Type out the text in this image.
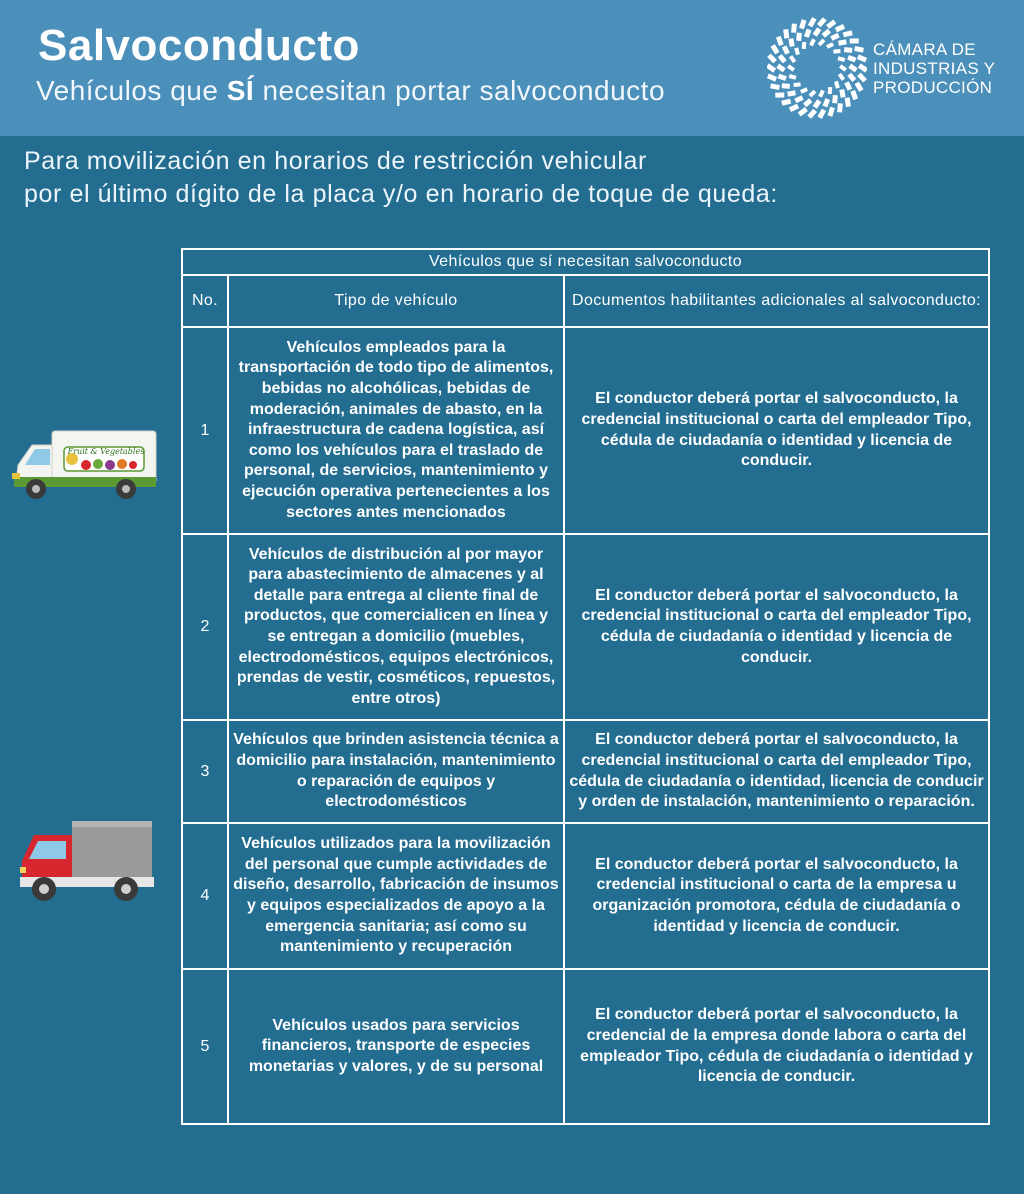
Salvoconducto
Vehículos que SÍ necesitan portar salvoconducto
CÁMARA DE
INDUSTRIAS Y
PRODUCCIÓN
Para movilización en horarios de restricción vehicular
por el último dígito de la placa y/o en horario de toque de queda:
Fruit & Vegetables
Vehículos que sí necesitan salvoconducto		
No.	Tipo de vehículo	Documentos habilitantes adicionales al salvoconducto:
1	Vehículos empleados para la transportación de todo tipo de alimentos, bebidas no alcohólicas, bebidas de moderación, animales de abasto, en la infraestructura de cadena logística, así como los vehículos para el traslado de personal, de servicios, mantenimiento y ejecución operativa pertenecientes a los sectores antes mencionados	El conductor deberá portar el salvoconducto, la credencial institucional o carta del empleador Tipo, cédula de ciudadanía o identidad y licencia de conducir.
2	Vehículos de distribución al por mayor para abastecimiento de almacenes y al detalle para entrega al cliente final de productos, que comercialicen en línea y se entregan a domicilio (muebles, electrodomésticos, equipos electrónicos, prendas de vestir, cosméticos, repuestos, entre otros)	El conductor deberá portar el salvoconducto, la credencial institucional o carta del empleador Tipo, cédula de ciudadanía o identidad y licencia de conducir.
3	Vehículos que brinden asistencia técnica a domicilio para instalación, mantenimiento o reparación de equipos y electrodomésticos	El conductor deberá portar el salvoconducto, la credencial institucional o carta del empleador Tipo, cédula de ciudadanía o identidad, licencia de conducir y orden de instalación, mantenimiento o reparación.
4	Vehículos utilizados para la movilización del personal que cumple actividades de diseño, desarrollo, fabricación de insumos y equipos especializados de apoyo a la emergencia sanitaria; así como su mantenimiento y recuperación	El conductor deberá portar el salvoconducto, la credencial institucional o carta de la empresa u organización promotora, cédula de ciudadanía o identidad y licencia de conducir.
5	Vehículos usados para servicios financieros, transporte de especies monetarias y valores, y de su personal	El conductor deberá portar el salvoconducto, la credencial de la empresa donde labora o carta del empleador Tipo, cédula de ciudadanía o identidad y licencia de conducir.
